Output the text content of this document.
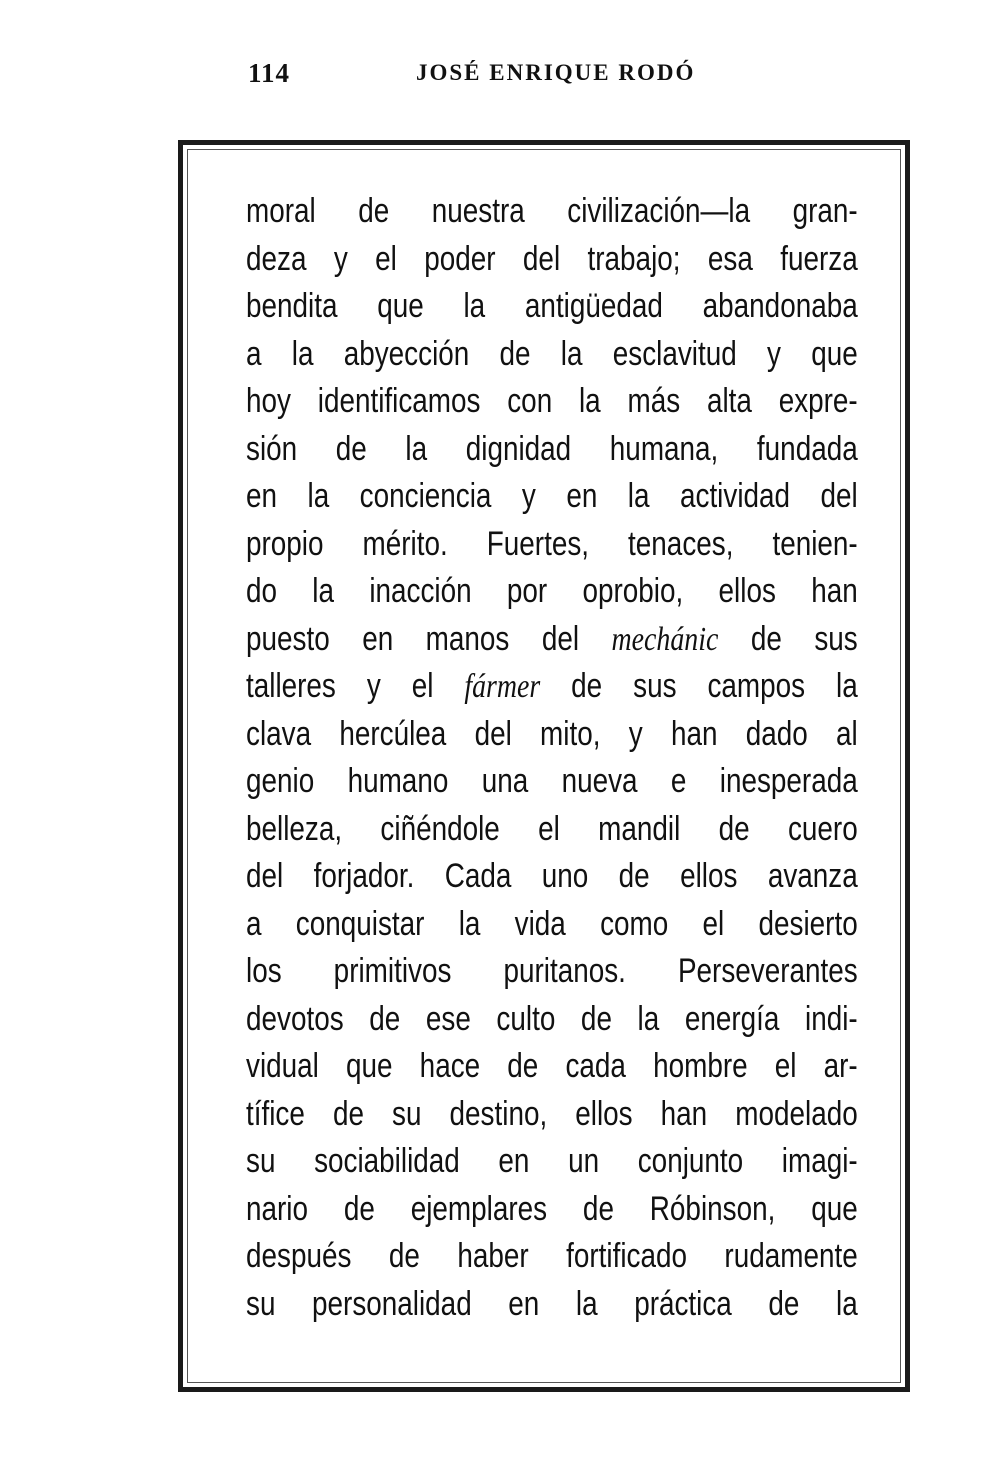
114	JOSÉ ENRIQUE RODÓ
moral de nuestra civilización—la gran-
deza y el poder del trabajo; esa fuerza
bendita que la antigüedad abandonaba
a la abyección de la esclavitud y que
hoy identificamos con la más alta expre-
sión de la dignidad humana, fundada
en la conciencia y en la actividad del
propio mérito. Fuertes, tenaces, tenien-
do la inacción por oprobio, ellos han
puesto en manos del mechánic de sus
talleres y el fármer de sus campos la
clava hercúlea del mito, y han dado al
genio humano una nueva e inesperada
belleza, ciñéndole el mandil de cuero
del forjador. Cada uno de ellos avanza
a conquistar la vida como el desierto
los primitivos puritanos. Perseverantes
devotos de ese culto de la energía indi-
vidual que hace de cada hombre el ar-
tífice de su destino, ellos han modelado
su sociabilidad en un conjunto imagi-
nario de ejemplares de Róbinson, que
después de haber fortificado rudamente
su personalidad en la práctica de la
